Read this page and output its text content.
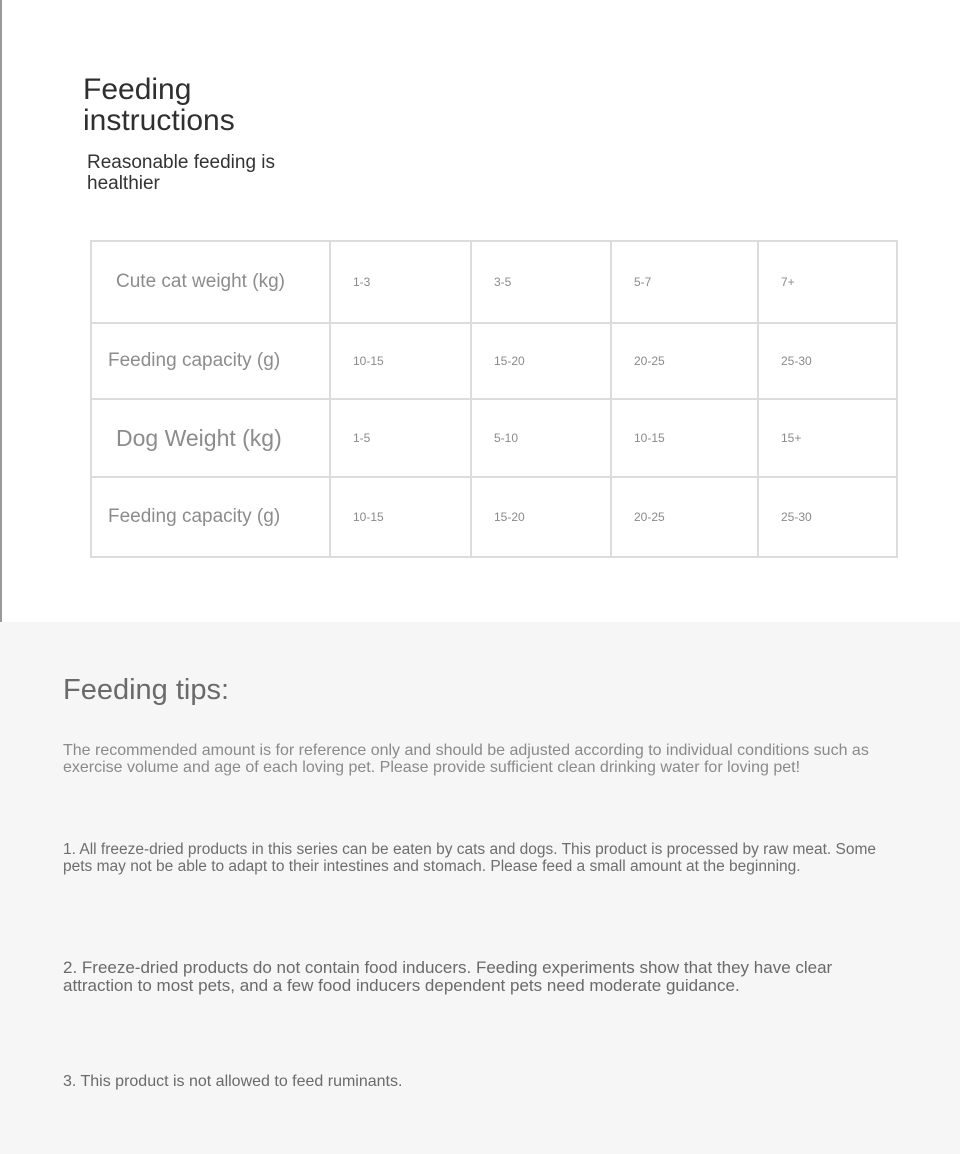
Feeding instructions

Reasonable feeding is healthier

Cute cat weight (kg)	1-3	3-5	5-7	7+
Feeding capacity (g)	10-15	15-20	20-25	25-30
Dog Weight (kg)	1-5	5-10	10-15	15+
Feeding capacity (g)	10-15	15-20	20-25	25-30
Feeding tips:

The recommended amount is for reference only and should be adjusted according to individual conditions such as exercise volume and age of each loving pet. Please provide sufficient clean drinking water for loving pet!

1. All freeze-dried products in this series can be eaten by cats and dogs. This product is processed by raw meat. Some pets may not be able to adapt to their intestines and stomach. Please feed a small amount at the beginning.

2. Freeze-dried products do not contain food inducers. Feeding experiments show that they have clear attraction to most pets, and a few food inducers dependent pets need moderate guidance.

3. This product is not allowed to feed ruminants.
